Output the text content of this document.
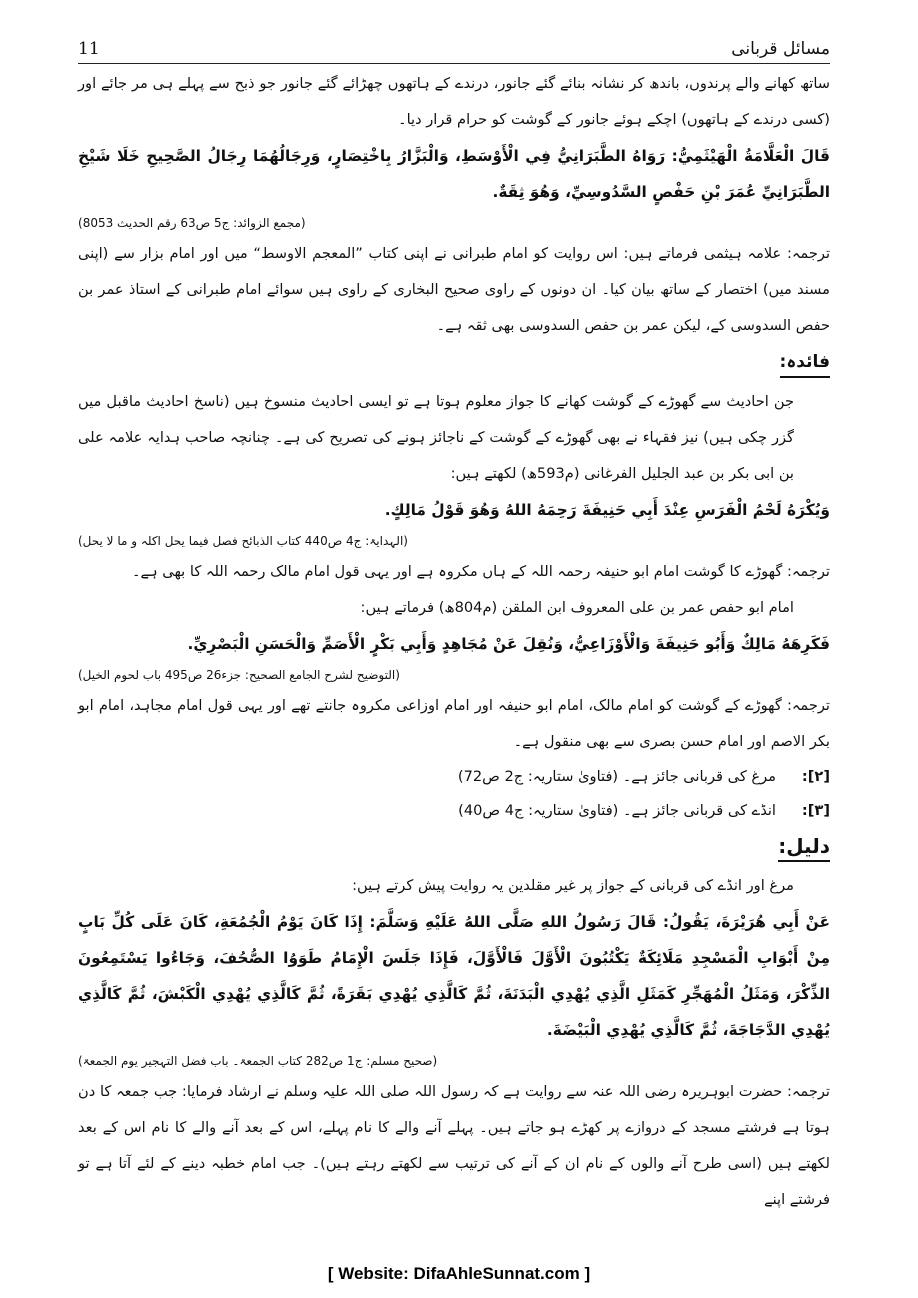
11	مسائل قربانی

ساتھ کھانے والے پرندوں، باندھ کر نشانہ بنائے گئے جانور، درندے کے ہاتھوں چھڑائے گئے جانور جو ذبح سے پہلے ہی مر جائے اور (کسی درندے کے ہاتھوں) اچکے ہوئے جانور کے گوشت کو حرام قرار دیا۔

قَالَ الْعَلَّامَةُ الْهَيْثَمِيُّ: رَوَاهُ الطَّبَرَانِيُّ فِي الْأَوْسَطِ، وَالْبَزَّارُ بِاخْتِصَارٍ، وَرِجَالُهُمَا رِجَالُ الصَّحِيحِ خَلَا شَيْخِ الطَّبَرَانِيِّ عُمَرَ بْنِ حَفْصٍ السَّدُوسِيِّ، وَهُوَ ثِقَةٌ.

(مجمع الزوائد: ج5 ص63 رقم الحدیث 8053)

ترجمہ: علامہ ہیثمی فرماتے ہیں: اس روایت کو امام طبرانی نے اپنی کتاب ”المعجم الاوسط“ میں اور امام بزار سے (اپنی مسند میں) اختصار کے ساتھ بیان کیا۔ ان دونوں کے راوی صحیح البخاری کے راوی ہیں سوائے امام طبرانی کے استاذ عمر بن حفص السدوسی کے، لیکن عمر بن حفص السدوسی بھی ثقہ ہے۔

فائدہ:

جن احادیث سے گھوڑے کے گوشت کھانے کا جواز معلوم ہوتا ہے تو ایسی احادیث منسوخ ہیں (ناسخ احادیث ماقبل میں گزر چکی ہیں) نیز فقہاء نے بھی گھوڑے کے گوشت کے ناجائز ہونے کی تصریح کی ہے۔ چنانچہ صاحب ہدایہ علامہ علی بن ابی بکر بن عبد الجلیل الفرغانی (م593ھ) لکھتے ہیں:

وَيُكْرَهُ لَحْمُ الْفَرَسِ عِنْدَ أَبِي حَنِيفَةَ رَحِمَهُ اللهُ وَهُوَ قَوْلُ مَالِكٍ.

(الہدایۃ: ج4 ص440 کتاب الذبائح فصل فیما یحل اکلہ و ما لا یحل)

ترجمہ: گھوڑے کا گوشت امام ابو حنیفہ رحمہ اللہ کے ہاں مکروہ ہے اور یہی قول امام مالک رحمہ اللہ کا بھی ہے۔

امام ابو حفص عمر بن علی المعروف ابن الملقن (م804ھ) فرماتے ہیں:

فَكَرِهَهُ مَالِكٌ وَأَبُو حَنِيفَةَ وَالْأَوْزَاعِيُّ، وَنُقِلَ عَنْ مُجَاهِدٍ وَأَبِي بَكْرٍ الْأَصَمِّ وَالْحَسَنِ الْبَصْرِيِّ.

(التوضیح لشرح الجامع الصحیح: جزء26 ص495 باب لحوم الخیل)

ترجمہ: گھوڑے کے گوشت کو امام مالک، امام ابو حنیفہ اور امام اوزاعی مکروہ جانتے تھے اور یہی قول امام مجاہد، امام ابو بکر الاصم اور امام حسن بصری سے بھی منقول ہے۔

[۲]:
مرغ کی قربانی جائز ہے۔ (فتاویٰ ستاریہ: ج2 ص72)
[۳]:
انڈے کی قربانی جائز ہے۔ (فتاویٰ ستاریہ: ج4 ص40)
دلیل:

مرغ اور انڈے کی قربانی کے جواز پر غیر مقلدین یہ روایت پیش کرتے ہیں:

عَنْ أَبِي هُرَيْرَةَ، يَقُولُ: قَالَ رَسُولُ اللهِ صَلَّى اللهُ عَلَيْهِ وَسَلَّمَ: إِذَا كَانَ يَوْمُ الْجُمُعَةِ، كَانَ عَلَى كُلِّ بَابٍ مِنْ أَبْوَابِ الْمَسْجِدِ مَلَائِكَةٌ يَكْتُبُونَ الْأَوَّلَ فَالْأَوَّلَ، فَإِذَا جَلَسَ الْإِمَامُ طَوَوُا الصُّحُفَ، وَجَاءُوا يَسْتَمِعُونَ الذِّكْرَ، وَمَثَلُ الْمُهَجِّرِ كَمَثَلِ الَّذِي يُهْدِي الْبَدَنَةَ، ثُمَّ كَالَّذِي يُهْدِي بَقَرَةً، ثُمَّ كَالَّذِي يُهْدِي الْكَبْشَ، ثُمَّ كَالَّذِي يُهْدِي الدَّجَاجَةَ، ثُمَّ كَالَّذِي يُهْدِي الْبَيْضَةَ.

(صحیح مسلم: ج1 ص282 کتاب الجمعۃ۔ باب فضل التہجیر یوم الجمعۃ)

ترجمہ: حضرت ابوہریرہ رضی اللہ عنہ سے روایت ہے کہ رسول اللہ صلی اللہ علیہ وسلم نے ارشاد فرمایا: جب جمعہ کا دن ہوتا ہے فرشتے مسجد کے دروازے پر کھڑے ہو جاتے ہیں۔ پہلے آنے والے کا نام پہلے، اس کے بعد آنے والے کا نام اس کے بعد لکھتے ہیں (اسی طرح آنے والوں کے نام ان کے آنے کی ترتیب سے لکھتے رہتے ہیں)۔ جب امام خطبہ دینے کے لئے آتا ہے تو فرشتے اپنے

[ Website: DifaAhleSunnat.com ]
